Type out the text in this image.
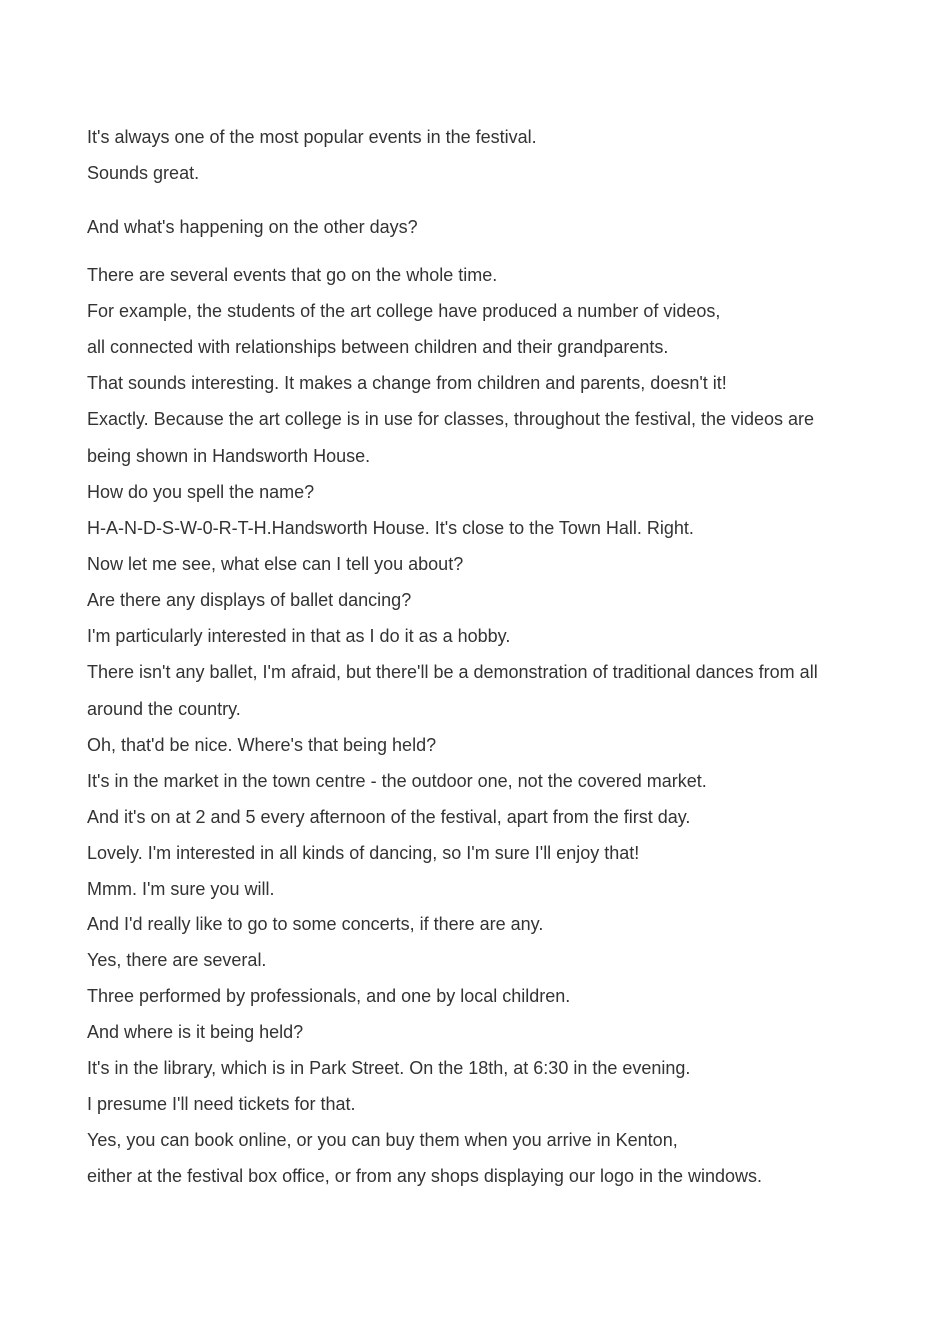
It's always one of the most popular events in the festival.

Sounds great.

And what's happening on the other days?

There are several events that go on the whole time.

For example, the students of the art college have produced a number of videos,

all connected with relationships between children and their grandparents.

That sounds interesting. It makes a change from children and parents, doesn't it!

Exactly. Because the art college is in use for classes, throughout the festival, the videos are

being shown in Handsworth House.

How do you spell the name?

H-A-N-D-S-W-0-R-T-H.Handsworth House. It's close to the Town Hall. Right.

Now let me see, what else can I tell you about?

Are there any displays of ballet dancing?

I'm particularly interested in that as I do it as a hobby.

There isn't any ballet, I'm afraid, but there'll be a demonstration of traditional dances from all

around the country.

Oh, that'd be nice. Where's that being held?

It's in the market in the town centre - the outdoor one, not the covered market.

And it's on at 2 and 5 every afternoon of the festival, apart from the first day.

Lovely. I'm interested in all kinds of dancing, so I'm sure I'll enjoy that!

Mmm. I'm sure you will.

And I'd really like to go to some concerts, if there are any.

Yes, there are several.

Three performed by professionals, and one by local children.

And where is it being held?

It's in the library, which is in Park Street. On the 18th, at 6:30 in the evening.

I presume I'll need tickets for that.

Yes, you can book online, or you can buy them when you arrive in Kenton,

either at the festival box office, or from any shops displaying our logo in the windows.
